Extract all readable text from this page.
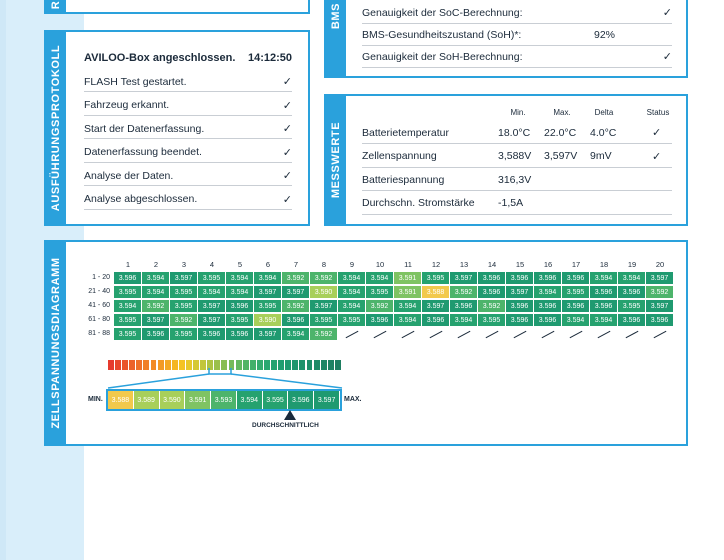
R	BMS Genauigkeit der SoC-Berechnung:	✓
BMS-Gesundheitszustand (SoH)*:	92%
Genauigkeit der SoH-Berechnung:	✓
AUSFÜHRUNGSPROTOKOLL AVILOO-Box angeschlossen.	14:12:50
FLASH Test gestartet.	✓
Fahrzeug erkannt.	✓
Start der Datenerfassung.	✓
Datenerfassung beendet.	✓
Analyse der Daten.	✓
Analyse abgeschlossen.	✓
MESSWERTE
Min.	Max.	Delta	Status
Batterietemperatur	18.0°C 22.0°C 4.0°C	✓
Zellenspannung	3,588V 3,597V 9mV	✓
Batteriespannung	316,3V
Durchschn. Stromstärke	-1,5A
ZELLSPANNUNGSDIAGRAMM	1	2	3	4	5	6	7	8	9	10	11	12	13	14	15	16	17	18	19	20
1 - 20	3.596	3.594	3.597	3.595	3.594	3.594	3.592	3.592	3.594	3.594	3.591	3.595	3.597	3.596	3.596	3.596	3.596	3.594	3.594	3.597
21 - 40	3.595	3.594	3.595	3.594	3.594	3.597	3.597	3.590	3.594	3.595	3.591	3.588	3.592	3.596	3.597	3.594	3.595	3.596	3.596	3.592
41 - 60	3.594	3.592	3.595	3.597	3.596	3.595	3.592	3.597	3.594	3.592	3.594	3.597	3.596	3.592	3.596	3.596	3.596	3.596	3.595	3.597
61 - 80	3.595	3.597	3.592	3.597	3.595	3.590	3.596	3.595	3.595	3.596	3.594	3.596	3.594	3.595	3.596	3.596	3.594	3.594	3.596	3.596
81 - 88	3.595	3.596	3.595	3.596	3.596	3.597	3.594	3.592
MIN.	3.588	3.589	3.590	3.591	3.593	3.594	3.595	3.596	3.597	MAX.
DURCHSCHNITTLICH
